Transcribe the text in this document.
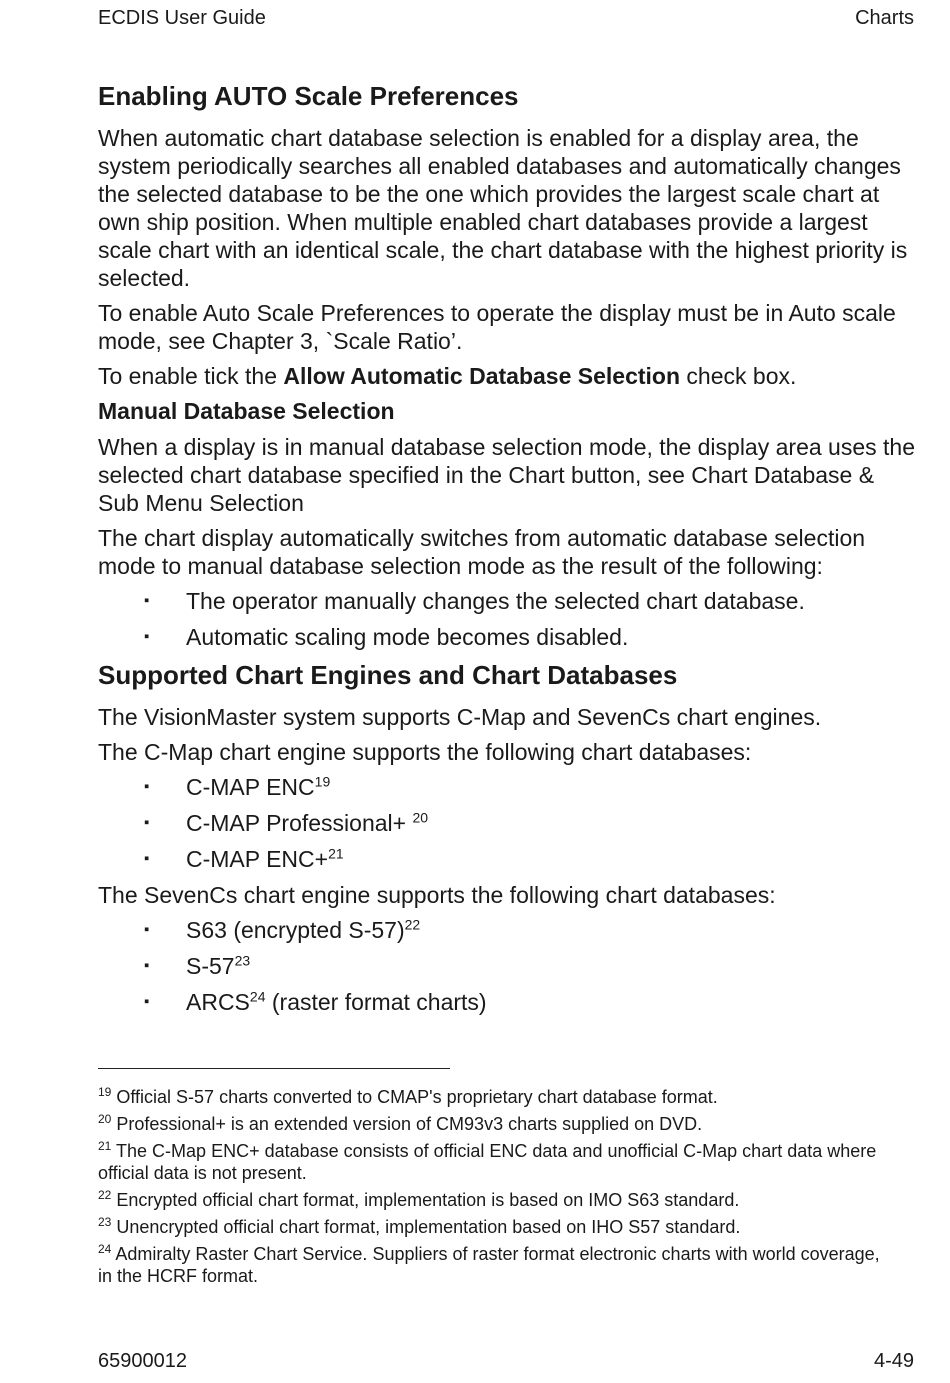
ECDIS User Guide	Charts
Enabling AUTO Scale Preferences

When automatic chart database selection is enabled for a display area, the system periodically searches all enabled databases and automatically changes the selected database to be the one which provides the largest scale chart at own ship position. When multiple enabled chart databases provide a largest scale chart with an identical scale, the chart database with the highest priority is selected.

To enable Auto Scale Preferences to operate the display must be in Auto scale mode, see Chapter 3, `Scale Ratio’.

To enable tick the Allow Automatic Database Selection check box.

Manual Database Selection

When a display is in manual database selection mode, the display area uses the selected chart database specified in the Chart button, see Chart Database & Sub Menu Selection

The chart display automatically switches from automatic database selection mode to manual database selection mode as the result of the following:

▪ The operator manually changes the selected chart database.
▪ Automatic scaling mode becomes disabled.
Supported Chart Engines and Chart Databases

The VisionMaster system supports C-Map and SevenCs chart engines.

The C-Map chart engine supports the following chart databases:

▪ C-MAP ENC$^{19}$
▪ C-MAP Professional+ $^{20}$
▪ C-MAP ENC+$^{21}$

The SevenCs chart engine supports the following chart databases:

▪ S63 (encrypted S-57)$^{22}$
▪ $S-57^{23}$
▪ ARCS$^{24}$ (raster format charts)

$^{19}$ Official S-57 charts converted to CMAP's proprietary chart database format.

$^{20}$ Professional+ is an extended version of CM93v3 charts supplied on DVD.

$^{21}$ The C-Map ENC+ database consists of official ENC data and unofficial C-Map chart data where official data is not present.

$^{22}$ Encrypted official chart format, implementation is based on IMO S63 standard.

$^{23}$ Unencrypted official chart format, implementation based on IHO S57 standard.

$^{24}$ Admiralty Raster Chart Service. Suppliers of raster format electronic charts with world coverage, in the HCRF format.

65900012	4-49
